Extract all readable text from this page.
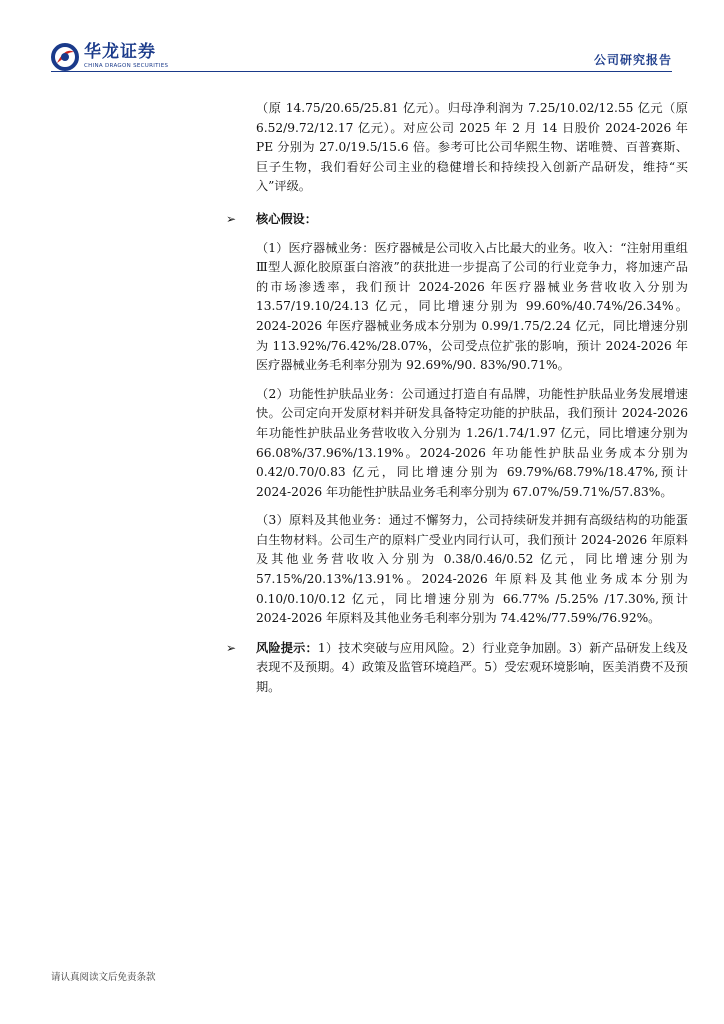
华龙证券
CHINA DRAGON SECURITIES	公司研究报告

（原 14.75/20.65/25.81 亿元）。归母净利润为 7.25/10.02/12.55 亿元（原 6.52/9.72/12.17 亿元）。对应公司 2025 年 2 月 14 日股价 2024-2026 年 PE 分别为 27.0/19.5/15.6 倍。参考可比公司华熙生物、诺唯赞、百普赛斯、巨子生物，我们看好公司主业的稳健增长和持续投入创新产品研发，维持“买入”评级。

➢ 核心假设：

（1）医疗器械业务：医疗器械是公司收入占比最大的业务。收入：“注射用重组Ⅲ型人源化胶原蛋白溶液”的获批进一步提高了公司的行业竞争力，将加速产品的市场渗透率，我们预计 2024-2026 年医疗器械业务营收收入分别为 13.57/19.10/24.13 亿元，同比增速分别为 99.60%/40.74%/26.34%。2024-2026 年医疗器械业务成本分别为 0.99/1.75/2.24 亿元，同比增速分别为 113.92%/76.42%/28.07%，公司受点位扩张的影响，预计 2024-2026 年医疗器械业务毛利率分别为 92.69%/90. 83%/90.71%。

（2）功能性护肤品业务：公司通过打造自有品牌，功能性护肤品业务发展增速快。公司定向开发原材料并研发具备特定功能的护肤品，我们预计 2024-2026 年功能性护肤品业务营收收入分别为 1.26/1.74/1.97 亿元，同比增速分别为 66.08%/37.96%/13.19%。2024-2026 年功能性护肤品业务成本分别为 0.42/0.70/0.83 亿元，同比增速分别为 69.79%/68.79%/18.47%,预计 2024-2026 年功能性护肤品业务毛利率分别为 67.07%/59.71%/57.83%。

（3）原料及其他业务：通过不懈努力，公司持续研发并拥有高级结构的功能蛋白生物材料。公司生产的原料广受业内同行认可，我们预计 2024-2026 年原料及其他业务营收收入分别为 0.38/0.46/0.52 亿元，同比增速分别为 57.15%/20.13%/13.91%。2024-2026 年原料及其他业务成本分别为 0.10/0.10/0.12 亿元，同比增速分别为 66.77% /5.25% /17.30%,预计 2024-2026 年原料及其他业务毛利率分别为 74.42%/77.59%/76.92%。

➢ 风险提示：1）技术突破与应用风险。2）行业竞争加剧。3）新产品研发上线及表现不及预期。4）政策及监管环境趋严。5）受宏观环境影响，医美消费不及预期。
请认真阅读文后免责条款
